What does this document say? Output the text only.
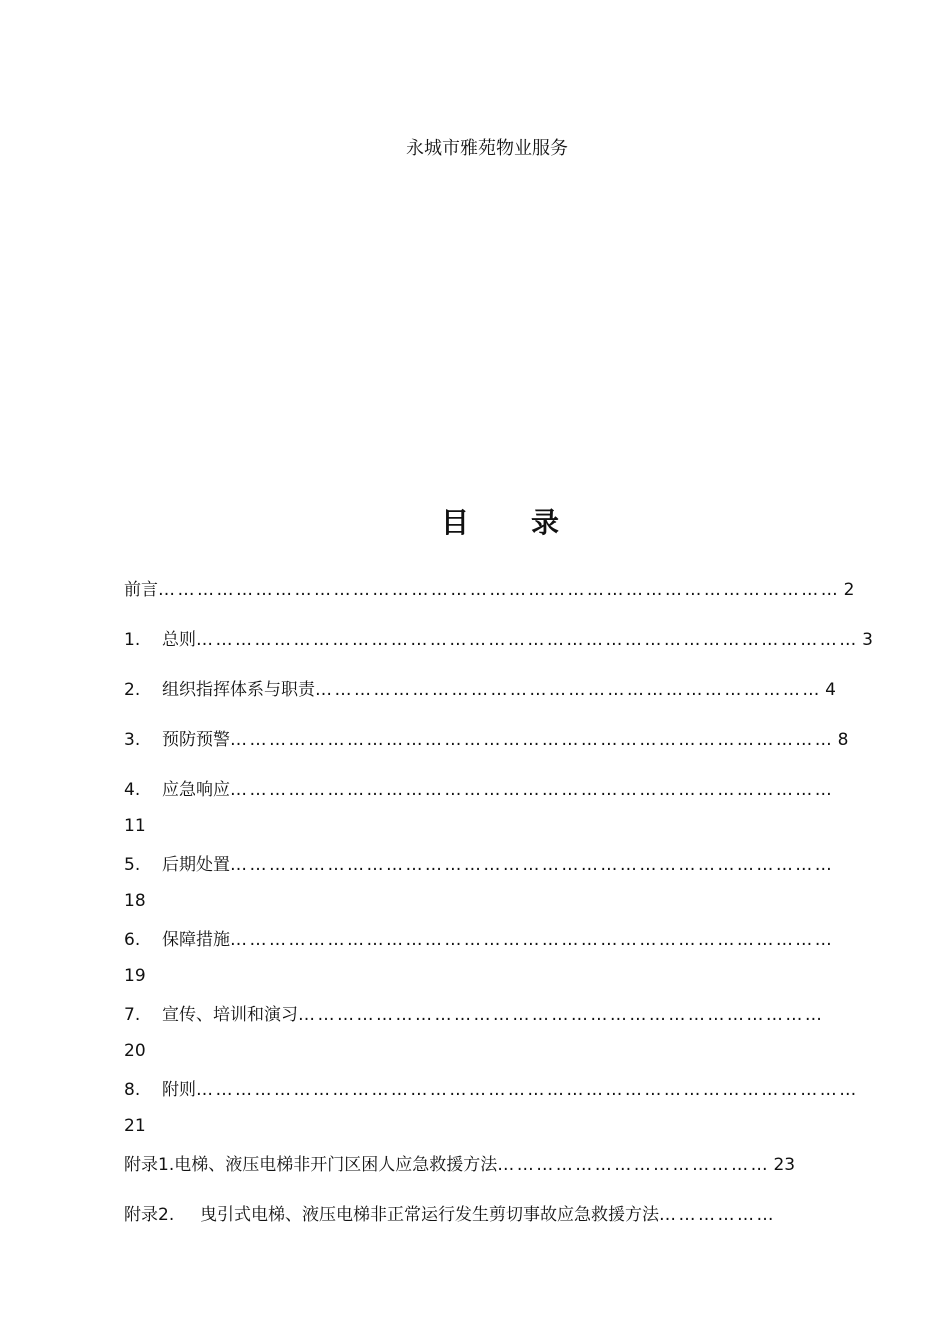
永城市雅苑物业服务
目 录
前言… … … … … … … … … … … … … … … … … … … … … … … … … … … … … … … … … … … 2
1. 总则… … … … … … … … … … … … … … … … … … … … … … … … … … … … … … … … … … 3
2. 组织指挥体系与职责… … … … … … … … … … … … … … … … … … … … … … … … … … 4
3. 预防预警… … … … … … … … … … … … … … … … … … … … … … … … … … … … … … … 8
4. 应急响应… … … … … … … … … … … … … … … … … … … … … … … … … … … … … … …
11
5. 后期处置… … … … … … … … … … … … … … … … … … … … … … … … … … … … … … …
18
6. 保障措施… … … … … … … … … … … … … … … … … … … … … … … … … … … … … … …
19
7. 宣传、培训和演习… … … … … … … … … … … … … … … … … … … … … … … … … … …
20
8. 附则… … … … … … … … … … … … … … … … … … … … … … … … … … … … … … … … … …
21
附录1.电梯、液压电梯非开门区困人应急救援方法… … … … … … … … … … … … … … 23
附录2. 曳引式电梯、液压电梯非正常运行发生剪切事故应急救援方法… … … … … …
